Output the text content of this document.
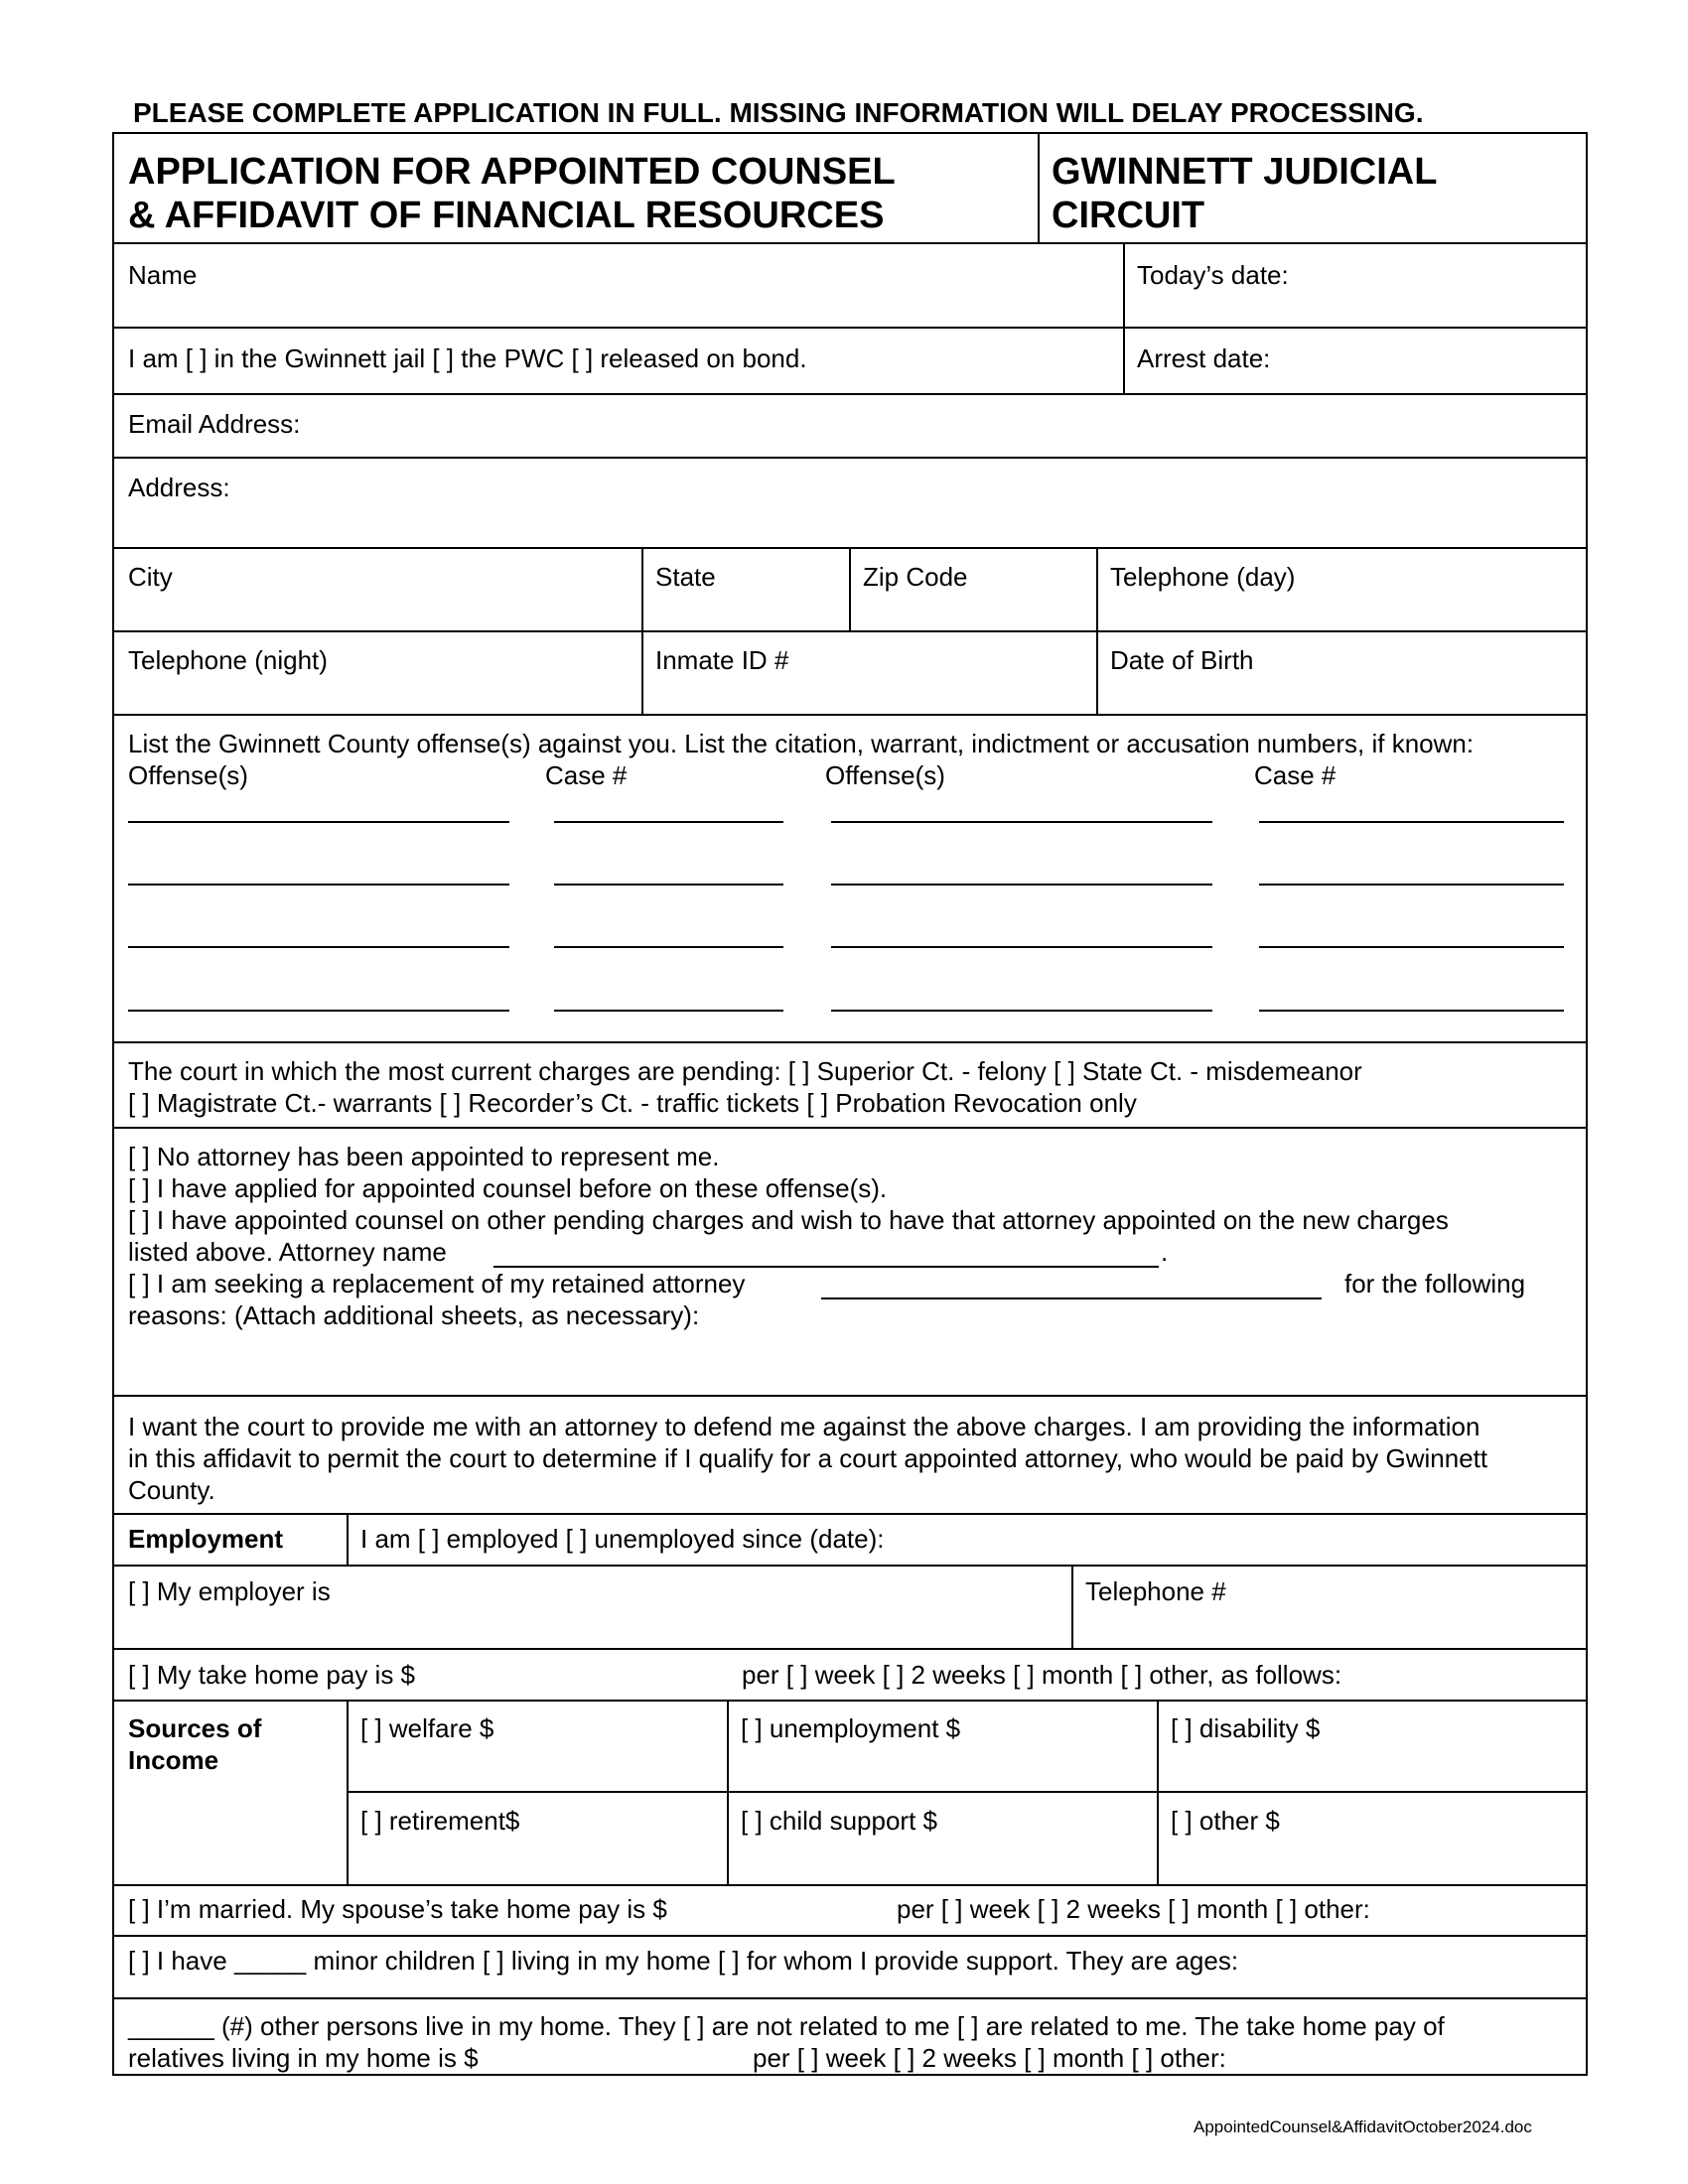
PLEASE COMPLETE APPLICATION IN FULL. MISSING INFORMATION WILL DELAY PROCESSING.
APPLICATION FOR APPOINTED COUNSEL
& AFFIDAVIT OF FINANCIAL RESOURCES
GWINNETT JUDICIAL
CIRCUIT
Name	Today’s date:
I am [ ] in the Gwinnett jail [ ] the PWC [ ] released on bond.	Arrest date:
Email Address:
Address:
City	State	Zip Code	Telephone (day)
Telephone (night)	Inmate ID #	Date of Birth
List the Gwinnett County offense(s) against you. List the citation, warrant, indictment or accusation numbers, if known:
Offense(s)	Case #	Offense(s)	Case #
The court in which the most current charges are pending: [ ] Superior Ct. - felony [ ] State Ct. - misdemeanor
[ ] Magistrate Ct.- warrants [ ] Recorder’s Ct. - traffic tickets [ ] Probation Revocation only
[ ] No attorney has been appointed to represent me.
[ ] I have applied for appointed counsel before on these offense(s).
[ ] I have appointed counsel on other pending charges and wish to have that attorney appointed on the new charges
listed above. Attorney name	.
[ ] I am seeking a replacement of my retained attorney	for the following
reasons: (Attach additional sheets, as necessary):
I want the court to provide me with an attorney to defend me against the above charges. I am providing the information
in this affidavit to permit the court to determine if I qualify for a court appointed attorney, who would be paid by Gwinnett
County.
Employment	I am [ ] employed [ ] unemployed since (date):
[ ] My employer is	Telephone #
[ ] My take home pay is $	per [ ] week [ ] 2 weeks [ ] month [ ] other, as follows:
Sources of
Income
[ ] welfare $	[ ] unemployment $	[ ] disability $
[ ] retirement$	[ ] child support $	[ ] other $
[ ] I’m married. My spouse’s take home pay is $	per [ ] week [ ] 2 weeks [ ] month [ ] other:
[ ] I have _____ minor children [ ] living in my home [ ] for whom I provide support. They are ages:
______ (#) other persons live in my home. They [ ] are not related to me [ ] are related to me. The take home pay of
relatives living in my home is $	per [ ] week [ ] 2 weeks [ ] month [ ] other:
AppointedCounsel&AffidavitOctober2024.doc
